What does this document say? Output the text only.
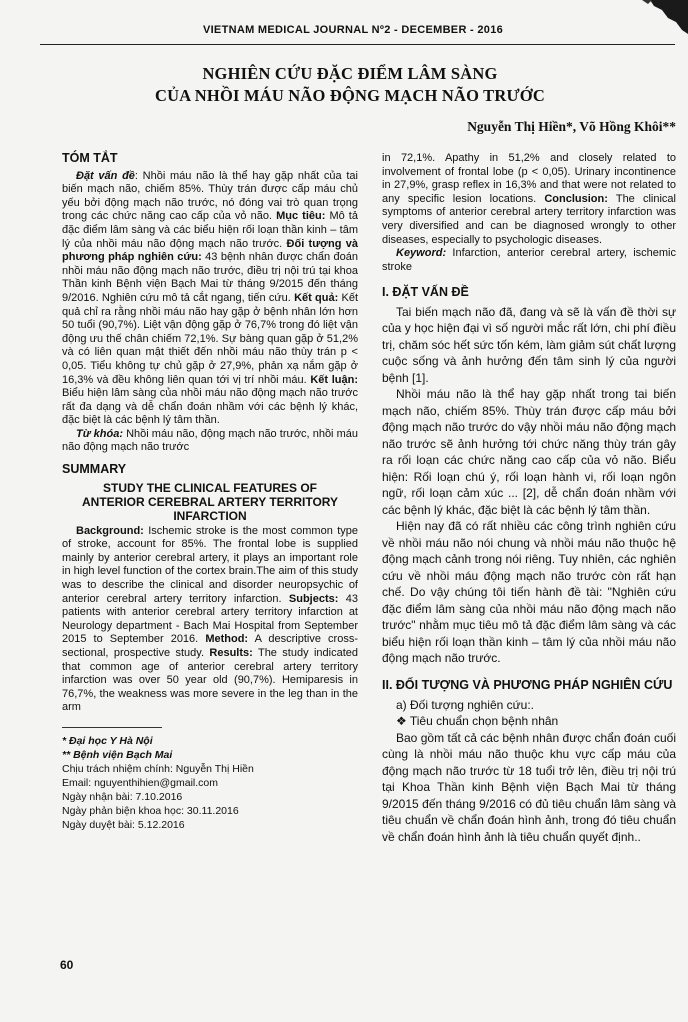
VIETNAM MEDICAL JOURNAL Nº2 - DECEMBER - 2016
NGHIÊN CỨU ĐẶC ĐIỂM LÂM SÀNG
CỦA NHỒI MÁU NÃO ĐỘNG MẠCH NÃO TRƯỚC
Nguyễn Thị Hiền*, Võ Hồng Khôi**
TÓM TẮT

Đặt vấn đề: Nhồi máu não là thể hay gặp nhất của tai biến mạch não, chiếm 85%. Thùy trán được cấp máu chủ yếu bởi động mạch não trước, nó đóng vai trò quan trọng trong các chức năng cao cấp của vỏ não. Mục tiêu: Mô tả đặc điểm lâm sàng và các biểu hiện rối loạn thần kinh – tâm lý của nhồi máu não động mạch não trước. Đối tượng và phương pháp nghiên cứu: 43 bệnh nhân được chẩn đoán nhồi máu não động mạch não trước, điều trị nội trú tại khoa Thần kinh Bệnh viện Bạch Mai từ tháng 9/2015 đến tháng 9/2016. Nghiên cứu mô tả cắt ngang, tiến cứu. Kết quả: Kết quả chỉ ra rằng nhồi máu não hay gặp ở bệnh nhân lớn hơn 50 tuổi (90,7%). Liệt vận động gặp ở 76,7% trong đó liệt vận động ưu thế chân chiếm 72,1%. Sự bàng quan gặp ở 51,2% và có liên quan mật thiết đến nhồi máu não thùy trán p < 0,05. Tiểu không tự chủ gặp ở 27,9%, phản xạ nắm gặp ở 16,3% và đều không liên quan tới vị trí nhồi máu. Kết luận: Biểu hiện lâm sàng của nhồi máu não động mạch não trước rất đa dạng và dễ chẩn đoán nhầm với các bệnh lý khác, đặc biệt là các bệnh lý tâm thần.

Từ khóa: Nhồi máu não, động mạch não trước, nhồi máu não động mạch não trước

SUMMARY
STUDY THE CLINICAL FEATURES OF
ANTERIOR CEREBRAL ARTERY TERRITORY
INFARCTION

Background: Ischemic stroke is the most common type of stroke, account for 85%. The frontal lobe is supplied mainly by anterior cerebral artery, it plays an important role in high level function of the cortex brain.The aim of this study was to describe the clinical and disorder neuropsychic of anterior cerebral artery territory infarction. Subjects: 43 patients with anterior cerebral artery territory infarction at Neurology department - Bach Mai Hospital from September 2015 to September 2016. Method: A descriptive cross- sectional, prospective study. Results: The study indicated that common age of anterior cerebral artery territory infarction was over 50 year old (90,7%). Hemiparesis in 76,7%, the weakness was more severe in the leg than in the arm

* Đại học Y Hà Nội
** Bệnh viện Bạch Mai
Chịu trách nhiệm chính: Nguyễn Thị Hiền
Email: nguyenthihien@gmail.com
Ngày nhận bài: 7.10.2016
Ngày phản biện khoa học: 30.11.2016
Ngày duyệt bài: 5.12.2016

in 72,1%. Apathy in 51,2% and closely related to involvement of frontal lobe (p < 0,05). Urinary incontinence in 27,9%, grasp reflex in 16,3% and that were not related to any specific lesion locations. Conclusion: The clinical symptoms of anterior cerebral artery territory infarction was very diversified and can be diagnosed wrongly to other diseases, especially to psychologic diseases.

Keyword: Infarction, anterior cerebral artery, ischemic stroke

I. ĐẶT VẤN ĐỀ

Tai biến mạch não đã, đang và sẽ là vấn đề thời sự của y học hiện đại vì số người mắc rất lớn, chi phí điều trị, chăm sóc hết sức tốn kém, làm giảm sút chất lượng cuộc sống và ảnh hưởng đến tâm sinh lý của người bệnh [1].

Nhồi máu não là thể hay gặp nhất trong tai biến mạch não, chiếm 85%. Thùy trán được cấp máu bởi động mạch não trước do vậy nhồi máu não động mạch não trước sẽ ảnh hưởng tới chức năng thùy trán gây ra rối loạn các chức năng cao cấp của vỏ não. Biểu hiện: Rối loạn chú ý, rối loạn hành vi, rối loạn ngôn ngữ, rối loạn cảm xúc ... [2], dễ chẩn đoán nhầm với các bệnh lý khác, đặc biệt là các bệnh lý tâm thần.

Hiện nay đã có rất nhiều các công trình nghiên cứu về nhồi máu não nói chung và nhồi máu não thuộc hệ động mạch cảnh trong nói riêng. Tuy nhiên, các nghiên cứu về nhồi máu động mạch não trước còn rất hạn chế. Do vậy chúng tôi tiến hành đề tài: "Nghiên cứu đặc điểm lâm sàng của nhồi máu não động mạch não trước" nhằm mục tiêu mô tả đặc điểm lâm sàng và các biểu hiện rối loạn thần kinh – tâm lý của nhồi máu não động mạch não trước.

II. ĐỐI TƯỢNG VÀ PHƯƠNG PHÁP NGHIÊN CỨU

a) Đối tượng nghiên cứu:.

❖ Tiêu chuẩn chọn bệnh nhân

Bao gồm tất cả các bệnh nhân được chẩn đoán cuối cùng là nhồi máu não thuộc khu vực cấp máu của động mạch não trước từ 18 tuổi trở lên, điều trị nội trú tại Khoa Thần kinh Bệnh viện Bạch Mai từ tháng 9/2015 đến tháng 9/2016 có đủ tiêu chuẩn lâm sàng và tiêu chuẩn về chẩn đoán hình ảnh, trong đó tiêu chuẩn về chẩn đoán hình ảnh là tiêu chuẩn quyết định..

60
